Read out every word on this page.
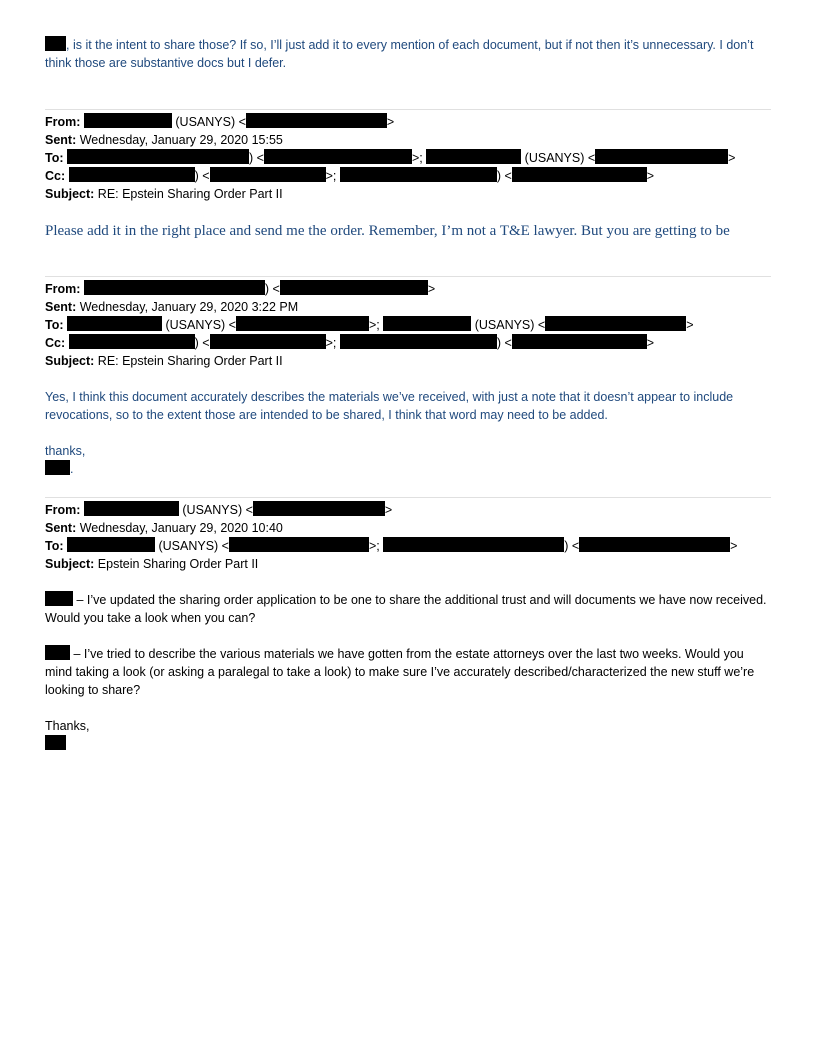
, is it the intent to share those? If so, I’ll just add it to every mention of each document, but if not then it’s unnecessary. I don’t think those are substantive docs but I defer.
From:	(USANYS) <	>
Sent: Wednesday, January 29, 2020 15:55
To:	) <	>;	(USANYS) <	>
Cc:	) <	>;	) <	>
Subject: RE: Epstein Sharing Order Part II
Please add it in the right place and send me the order. Remember, I’m not a T&E lawyer. But you are getting to be
From:	) <	>
Sent: Wednesday, January 29, 2020 3:22 PM
To:	(USANYS) <	>;	(USANYS) <	>
Cc:	) <	>;	) <	>
Subject: RE: Epstein Sharing Order Part II
Yes, I think this document accurately describes the materials we’ve received, with just a note that it doesn’t appear to include revocations, so to the extent those are intended to be shared, I think that word may need to be added.
thanks,
.
From:	(USANYS) <	>
Sent: Wednesday, January 29, 2020 10:40
To:	(USANYS) <	>;	) <	>
Subject: Epstein Sharing Order Part II
– I’ve updated the sharing order application to be one to share the additional trust and will documents we have now received. Would you take a look when you can?
– I’ve tried to describe the various materials we have gotten from the estate attorneys over the last two weeks. Would you mind taking a look (or asking a paralegal to take a look) to make sure I’ve accurately described/characterized the new stuff we’re looking to share?
Thanks,
